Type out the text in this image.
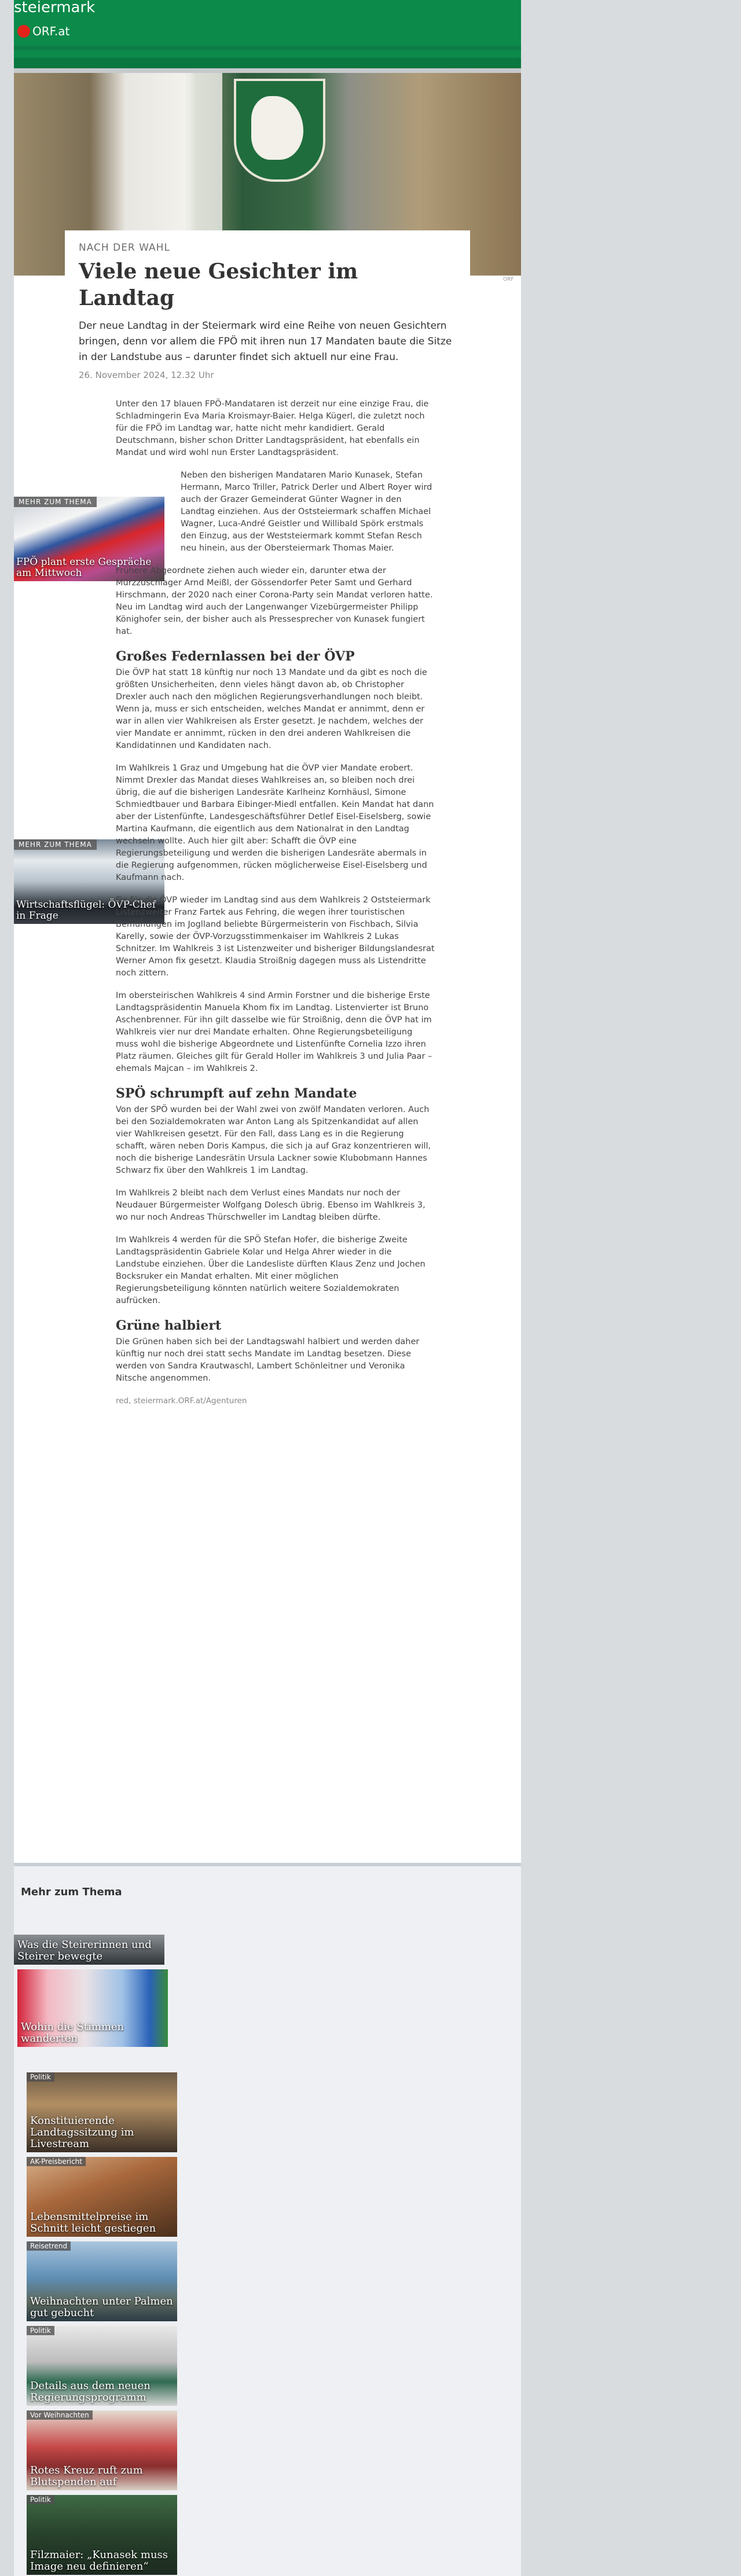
steiermark
ORF.at
ORF

NACH DER WAHL

Viele neue Gesichter im Landtag

Der neue Landtag in der Steiermark wird eine Reihe von neuen Gesichtern bringen, denn vor allem die FPÖ mit ihren nun 17 Mandaten baute die Sitze in der Landstube aus – darunter findet sich aktuell nur eine Frau.

26. November 2024, 12.32 Uhr

MEHR ZUM THEMA
FPÖ plant erste Gespräche am Mittwoch
MEHR ZUM THEMA
Wirtschaftsflügel: ÖVP-Chef in Frage

Unter den 17 blauen FPÖ-Mandataren ist derzeit nur eine einzige Frau, die Schladmingerin Eva Maria Kroismayr-Baier. Helga Kügerl, die zuletzt noch für die FPÖ im Landtag war, hatte nicht mehr kandidiert. Gerald Deutschmann, bisher schon Dritter Landtagspräsident, hat ebenfalls ein Mandat und wird wohl nun Erster Landtagspräsident.

Neben den bisherigen Mandataren Mario Kunasek, Stefan Hermann, Marco Triller, Patrick Derler und Albert Royer wird auch der Grazer Gemeinderat Günter Wagner in den Landtag einziehen. Aus der Oststeiermark schaffen Michael Wagner, Luca-André Geistler und Willibald Spörk erstmals den Einzug, aus der Weststeiermark kommt Stefan Resch neu hinein, aus der Obersteiermark Thomas Maier.

Frühere Abgeordnete ziehen auch wieder ein, darunter etwa der Mürzzuschlager Arnd Meißl, der Gössendorfer Peter Samt und Gerhard Hirschmann, der 2020 nach einer Corona-Party sein Mandat verloren hatte. Neu im Landtag wird auch der Langenwanger Vizebürgermeister Philipp Könighofer sein, der bisher auch als Pressesprecher von Kunasek fungiert hat.

Großes Federnlassen bei der ÖVP

Die ÖVP hat statt 18 künftig nur noch 13 Mandate und da gibt es noch die größten Unsicherheiten, denn vieles hängt davon ab, ob Christopher Drexler auch nach den möglichen Regierungsverhandlungen noch bleibt. Wenn ja, muss er sich entscheiden, welches Mandat er annimmt, denn er war in allen vier Wahlkreisen als Erster gesetzt. Je nachdem, welches der vier Mandate er annimmt, rücken in den drei anderen Wahlkreisen die Kandidatinnen und Kandidaten nach.

Im Wahlkreis 1 Graz und Umgebung hat die ÖVP vier Mandate erobert. Nimmt Drexler das Mandat dieses Wahlkreises an, so bleiben noch drei übrig, die auf die bisherigen Landesräte Karlheinz Kornhäusl, Simone Schmiedtbauer und Barbara Eibinger-Miedl entfallen. Kein Mandat hat dann aber der Listenfünfte, Landesgeschäftsführer Detlef Eisel-Eiselsberg, sowie Martina Kaufmann, die eigentlich aus dem Nationalrat in den Landtag wechseln wollte. Auch hier gilt aber: Schafft die ÖVP eine Regierungsbeteiligung und werden die bisherigen Landesräte abermals in die Regierung aufgenommen, rücken möglicherweise Eisel-Eiselsberg und Kaufmann nach.

Fix für die ÖVP wieder im Landtag sind aus dem Wahlkreis 2 Oststeiermark Listenzweiter Franz Fartek aus Fehring, die wegen ihrer touristischen Bemühungen im Joglland beliebte Bürgermeisterin von Fischbach, Silvia Karelly, sowie der ÖVP-Vorzugsstimmenkaiser im Wahlkreis 2 Lukas Schnitzer. Im Wahlkreis 3 ist Listenzweiter und bisheriger Bildungslandesrat Werner Amon fix gesetzt. Klaudia Stroißnig dagegen muss als Listendritte noch zittern.

Im obersteirischen Wahlkreis 4 sind Armin Forstner und die bisherige Erste Landtagspräsidentin Manuela Khom fix im Landtag. Listenvierter ist Bruno Aschenbrenner. Für ihn gilt dasselbe wie für Stroißnig, denn die ÖVP hat im Wahlkreis vier nur drei Mandate erhalten. Ohne Regierungsbeteiligung muss wohl die bisherige Abgeordnete und Listenfünfte Cornelia Izzo ihren Platz räumen. Gleiches gilt für Gerald Holler im Wahlkreis 3 und Julia Paar – ehemals Majcan – im Wahlkreis 2.

SPÖ schrumpft auf zehn Mandate

Von der SPÖ wurden bei der Wahl zwei von zwölf Mandaten verloren. Auch bei den Sozialdemokraten war Anton Lang als Spitzenkandidat auf allen vier Wahlkreisen gesetzt. Für den Fall, dass Lang es in die Regierung schafft, wären neben Doris Kampus, die sich ja auf Graz konzentrieren will, noch die bisherige Landesrätin Ursula Lackner sowie Klubobmann Hannes Schwarz fix über den Wahlkreis 1 im Landtag.

Im Wahlkreis 2 bleibt nach dem Verlust eines Mandats nur noch der Neudauer Bürgermeister Wolfgang Dolesch übrig. Ebenso im Wahlkreis 3, wo nur noch Andreas Thürschweller im Landtag bleiben dürfte.

Im Wahlkreis 4 werden für die SPÖ Stefan Hofer, die bisherige Zweite Landtagspräsidentin Gabriele Kolar und Helga Ahrer wieder in die Landstube einziehen. Über die Landesliste dürften Klaus Zenz und Jochen Bocksruker ein Mandat erhalten. Mit einer möglichen Regierungsbeteiligung könnten natürlich weitere Sozialdemokraten aufrücken.

Grüne halbiert

Die Grünen haben sich bei der Landtagswahl halbiert und werden daher künftig nur noch drei statt sechs Mandate im Landtag besetzen. Diese werden von Sandra Krautwaschl, Lambert Schönleitner und Veronika Nitsche angenommen.

red, steiermark.ORF.at/Agenturen

Mehr zum Thema
Was die Steirerinnen und Steirer bewegte
Wohin die Stimmen wanderten
Politik
Konstituierende Landtagssitzung im Livestream
AK-Preisbericht
Lebensmittelpreise im Schnitt leicht gestiegen
Reisetrend
Weihnachten unter Palmen gut gebucht
Politik
Details aus dem neuen Regierungsprogramm
Vor Weihnachten
Rotes Kreuz ruft zum Blutspenden auf
Politik
Filzmaier: „Kunasek muss Image neu definieren“
